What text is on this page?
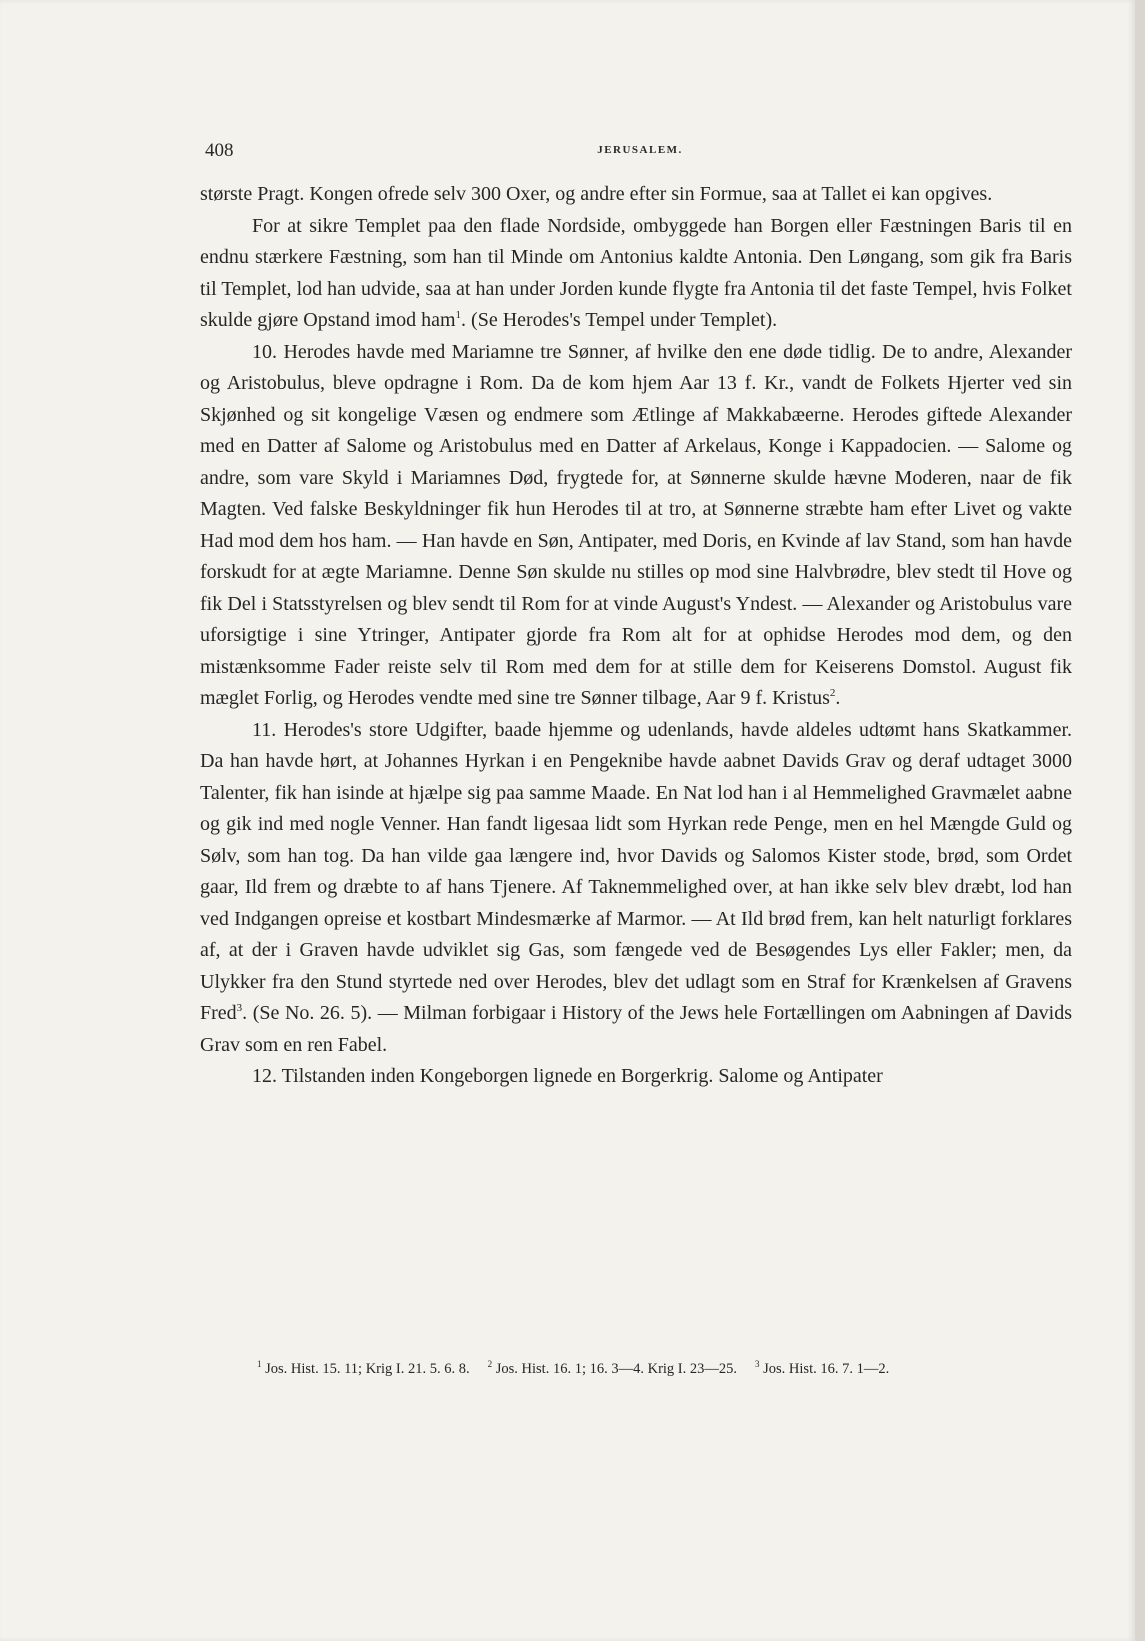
408	JERUSALEM.

største Pragt. Kongen ofrede selv 300 Oxer, og andre efter sin Formue, saa at Tallet ei kan opgives.

For at sikre Templet paa den flade Nordside, ombyggede han Borgen eller Fæstningen Baris til en endnu stærkere Fæstning, som han til Minde om Antonius kaldte Antonia. Den Løngang, som gik fra Baris til Templet, lod han udvide, saa at han under Jorden kunde flygte fra Antonia til det faste Tempel, hvis Folket skulde gjøre Opstand imod ham$^1$. (Se Herodes's Tempel under Templet).

10. Herodes havde med Mariamne tre Sønner, af hvilke den ene døde tidlig. De to andre, Alexander og Aristobulus, bleve opdragne i Rom. Da de kom hjem Aar 13 f. Kr., vandt de Folkets Hjerter ved sin Skjønhed og sit kongelige Væsen og endmere som Ætlinge af Makkabæerne. Herodes giftede Alexander med en Datter af Salome og Aristobulus med en Datter af Arkelaus, Konge i Kappadocien. — Salome og andre, som vare Skyld i Mariamnes Død, frygtede for, at Sønnerne skulde hævne Moderen, naar de fik Magten. Ved falske Beskyldninger fik hun Herodes til at tro, at Sønnerne stræbte ham efter Livet og vakte Had mod dem hos ham. — Han havde en Søn, Antipater, med Doris, en Kvinde af lav Stand, som han havde forskudt for at ægte Mariamne. Denne Søn skulde nu stilles op mod sine Halvbrødre, blev stedt til Hove og fik Del i Statsstyrelsen og blev sendt til Rom for at vinde August's Yndest. — Alexander og Aristobulus vare uforsigtige i sine Ytringer, Antipater gjorde fra Rom alt for at ophidse Herodes mod dem, og den mistænksomme Fader reiste selv til Rom med dem for at stille dem for Keiserens Domstol. August fik mæglet Forlig, og Herodes vendte med sine tre Sønner tilbage, Aar 9 f. Kristus$^2$.

11. Herodes's store Udgifter, baade hjemme og udenlands, havde aldeles udtømt hans Skatkammer. Da han havde hørt, at Johannes Hyrkan i en Pengeknibe havde aabnet Davids Grav og deraf udtaget 3000 Talenter, fik han isinde at hjælpe sig paa samme Maade. En Nat lod han i al Hemmelighed Gravmælet aabne og gik ind med nogle Venner. Han fandt ligesaa lidt som Hyrkan rede Penge, men en hel Mængde Guld og Sølv, som han tog. Da han vilde gaa længere ind, hvor Davids og Salomos Kister stode, brød, som Ordet gaar, Ild frem og dræbte to af hans Tjenere. Af Taknemmelighed over, at han ikke selv blev dræbt, lod han ved Indgangen opreise et kostbart Mindesmærke af Marmor. — At Ild brød frem, kan helt naturligt forklares af, at der i Graven havde udviklet sig Gas, som fængede ved de Besøgendes Lys eller Fakler; men, da Ulykker fra den Stund styrtede ned over Herodes, blev det udlagt som en Straf for Krænkelsen af Gravens Fred$^3$. (Se No. 26. 5). — Milman forbigaar i History of the Jews hele Fortællingen om Aabningen af Davids Grav som en ren Fabel.

12. Tilstanden inden Kongeborgen lignede en Borgerkrig. Salome og Antipater

$^1$ Jos. Hist. 15. 11; Krig I. 21. 5. 6. 8. $^2$ Jos. Hist. 16. 1; 16. 3—4. Krig I. 23—25. $^3$ Jos. Hist. 16. 7. 1—2.
